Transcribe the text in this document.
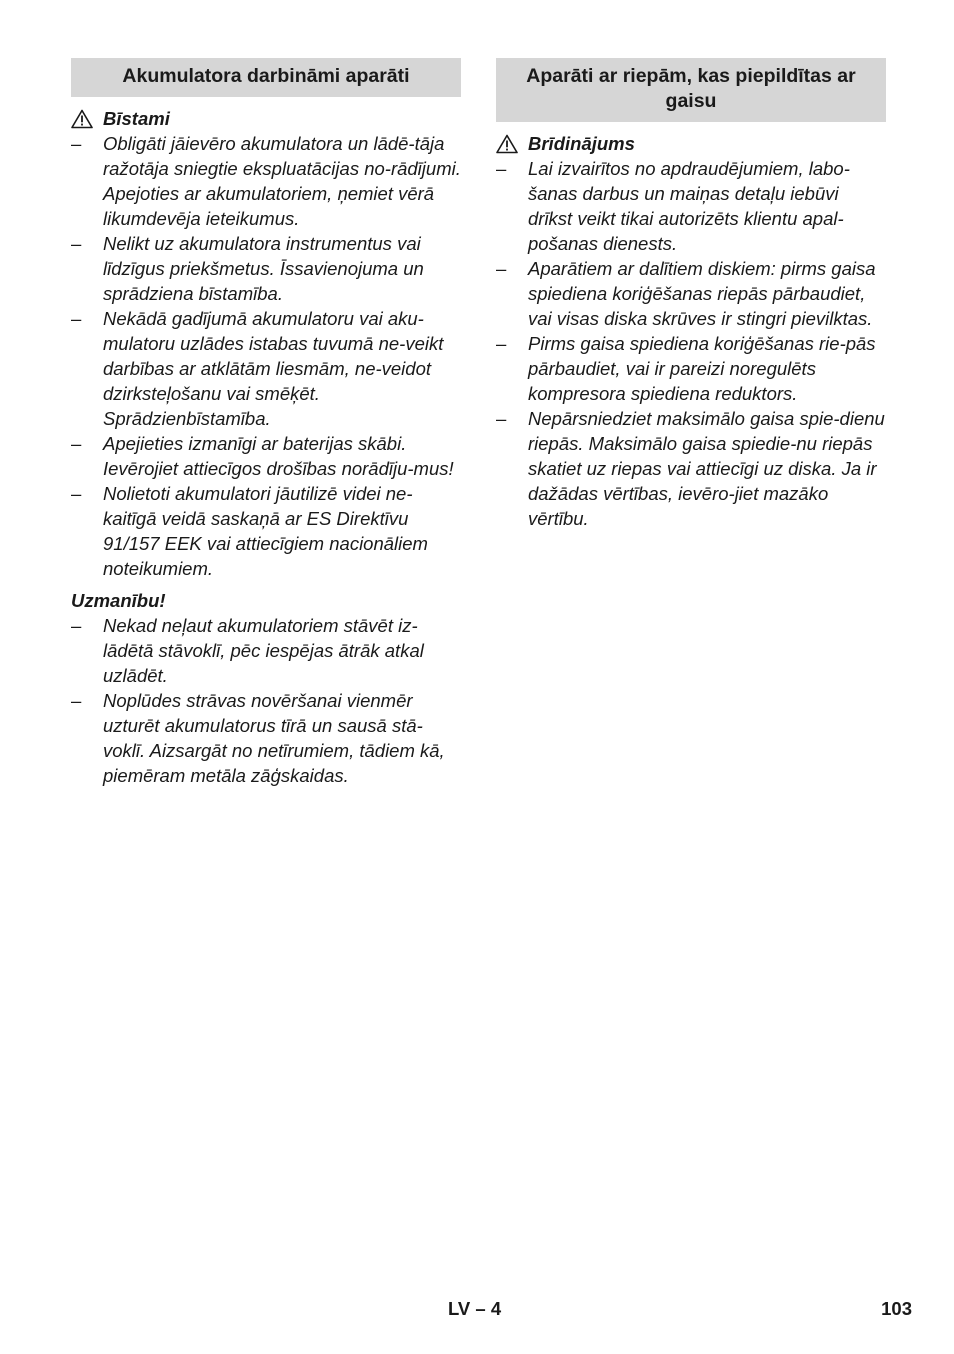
Akumulatora darbināmi aparāti
Bīstami
– Obligāti jāievēro akumulatora un lādē-tāja ražotāja sniegtie ekspluatācijas no-rādījumi. Apejoties ar akumulatoriem, ņemiet vērā likumdevēja ieteikumus.
– Nelikt uz akumulatora instrumentus vai līdzīgus priekšmetus. Īssavienojuma un sprādziena bīstamība.
– Nekādā gadījumā akumulatoru vai aku-mulatoru uzlādes istabas tuvumā ne-veikt darbības ar atklātām liesmām, ne-veidot dzirksteļošanu vai smēķēt. Sprādzienbīstamība.
– Apejieties izmanīgi ar baterijas skābi. Ievērojiet attiecīgos drošības norādīju-mus!
– Nolietoti akumulatori jāutilizē videi ne-kaitīgā veidā saskaņā ar ES Direktīvu 91/157 EEK vai attiecīgiem nacionāliem noteikumiem.
Uzmanību!
– Nekad neļaut akumulatoriem stāvēt iz-lādētā stāvoklī, pēc iespējas ātrāk atkal uzlādēt.
– Noplūdes strāvas novēršanai vienmēr uzturēt akumulatorus tīrā un sausā stā-voklī. Aizsargāt no netīrumiem, tādiem kā, piemēram metāla zāģskaidas.
Aparāti ar riepām, kas piepildītas ar gaisu
Brīdinājums
– Lai izvairītos no apdraudējumiem, labo-šanas darbus un maiņas detaļu iebūvi drīkst veikt tikai autorizēts klientu apal-pošanas dienests.
– Aparātiem ar dalītiem diskiem: pirms gaisa spiediena koriģēšanas riepās pārbaudiet, vai visas diska skrūves ir stingri pievilktas.
– Pirms gaisa spiediena koriģēšanas rie-pās pārbaudiet, vai ir pareizi noregulēts kompresora spiediena reduktors.
– Nepārsniedziet maksimālo gaisa spie-dienu riepās. Maksimālo gaisa spiedie-nu riepās skatiet uz riepas vai attiecīgi uz diska. Ja ir dažādas vērtības, ievēro-jiet mazāko vērtību.
LV – 4	103
